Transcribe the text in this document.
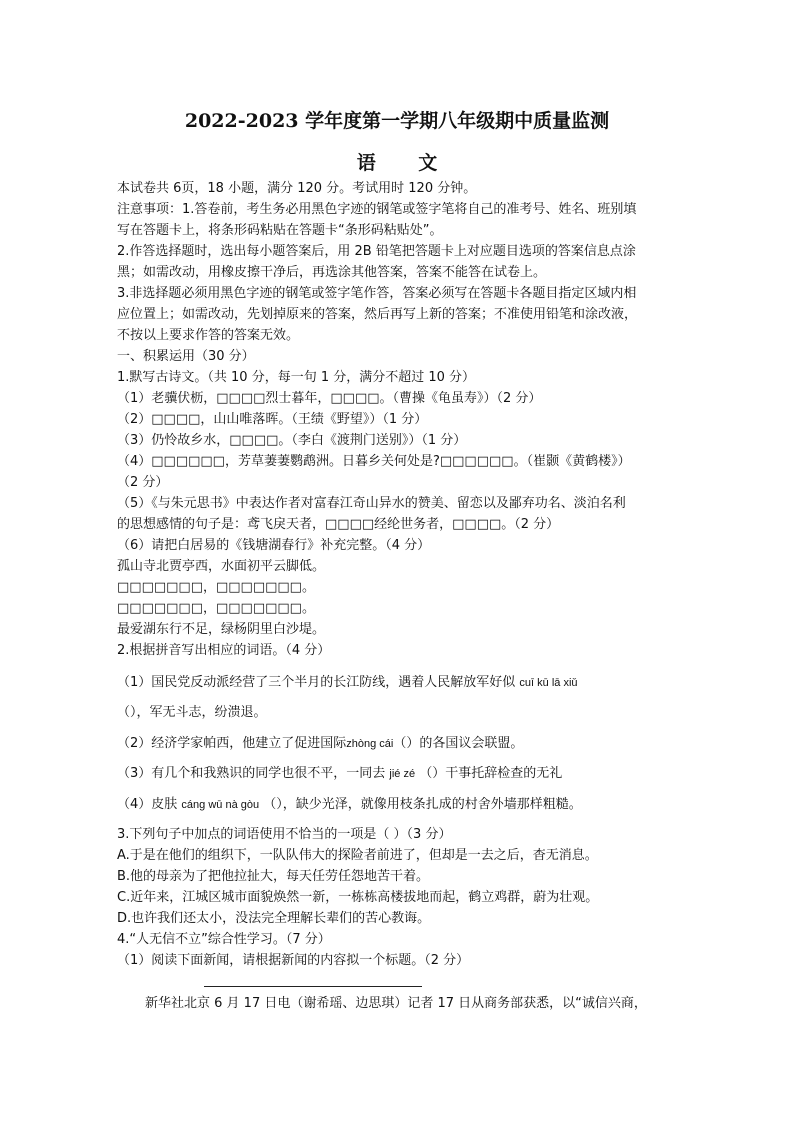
2022-2023 学年度第一学期八年级期中质量监测
语 文
本试卷共 6页，18 小题，满分 120 分。考试用时 120 分钟。
注意事项：1.答卷前，考生务必用黑色字迹的钢笔或签字笔将自己的准考号、姓名、班别填
写在答题卡上，将条形码粘贴在答题卡“条形码粘贴处”。
2.作答选择题时，选出每小题答案后，用 2B 铅笔把答题卡上对应题目选项的答案信息点涂
黑；如需改动，用橡皮擦干净后，再选涂其他答案，答案不能答在试卷上。
3.非选择题必须用黑色字迹的钢笔或签字笔作答，答案必须写在答题卡各题目指定区域内相
应位置上；如需改动，先划掉原来的答案，然后再写上新的答案；不准使用铅笔和涂改液，
不按以上要求作答的答案无效。
一、积累运用（30 分）
1.默写古诗文。（共 10 分，每一句 1 分，满分不超过 10 分）
（1）老骥伏枥，□□□□烈士暮年，□□□□。（曹操《龟虽寿》）（2 分）
（2）□□□□，山山唯落晖。（王绩《野望》）（1 分）
（3）仍怜故乡水，□□□□。（李白《渡荆门送别》）（1 分）
（4）□□□□□□，芳草萋萋鹦鹉洲。日暮乡关何处是?□□□□□□。（崔颢《黄鹤楼》）
（2 分）
（5）《与朱元思书》中表达作者对富春江奇山异水的赞美、留恋以及鄙弃功名、淡泊名利
的思想感情的句子是：鸢飞戾天者，□□□□经纶世务者，□□□□。（2 分）
（6）请把白居易的《钱塘湖春行》补充完整。（4 分）
孤山寺北贾亭西，水面初平云脚低。
□□□□□□□，□□□□□□□。
□□□□□□□，□□□□□□□。
最爱湖东行不足，绿杨阴里白沙堤。
2.根据拼音写出相应的词语。（4 分）
（1）国民党反动派经营了三个半月的长江防线，遇着人民解放军好似 cuī kū lā xiǔ
（），军无斗志，纷溃退。
（2）经济学家帕西，他建立了促进国际zhòng cái（）的各国议会联盟。
（3）有几个和我熟识的同学也很不平，一同去 jié zé （）干事托辞检查的无礼
（4）皮肤 cáng wū nà gòu （），缺少光泽，就像用枝条扎成的村舍外墙那样粗糙。
3.下列句子中加点的词语使用不恰当的一项是（ ）（3 分）
A.于是在他们的组织下，一队队伟大的探险者前进了，但却是一去之后，杳无消息。
B.他的母亲为了把他拉扯大，每天任劳任怨地苦干着。
C.近年来，江城区城市面貌焕然一新，一栋栋高楼拔地而起，鹤立鸡群，蔚为壮观。
D.也许我们还太小，没法完全理解长辈们的苦心教诲。
4.“人无信不立”综合性学习。（7 分）
（1）阅读下面新闻，请根据新闻的内容拟一个标题。（2 分）
新华社北京 6 月 17 日电（谢希瑶、边思琪）记者 17 日从商务部获悉，以“诚信兴商，
